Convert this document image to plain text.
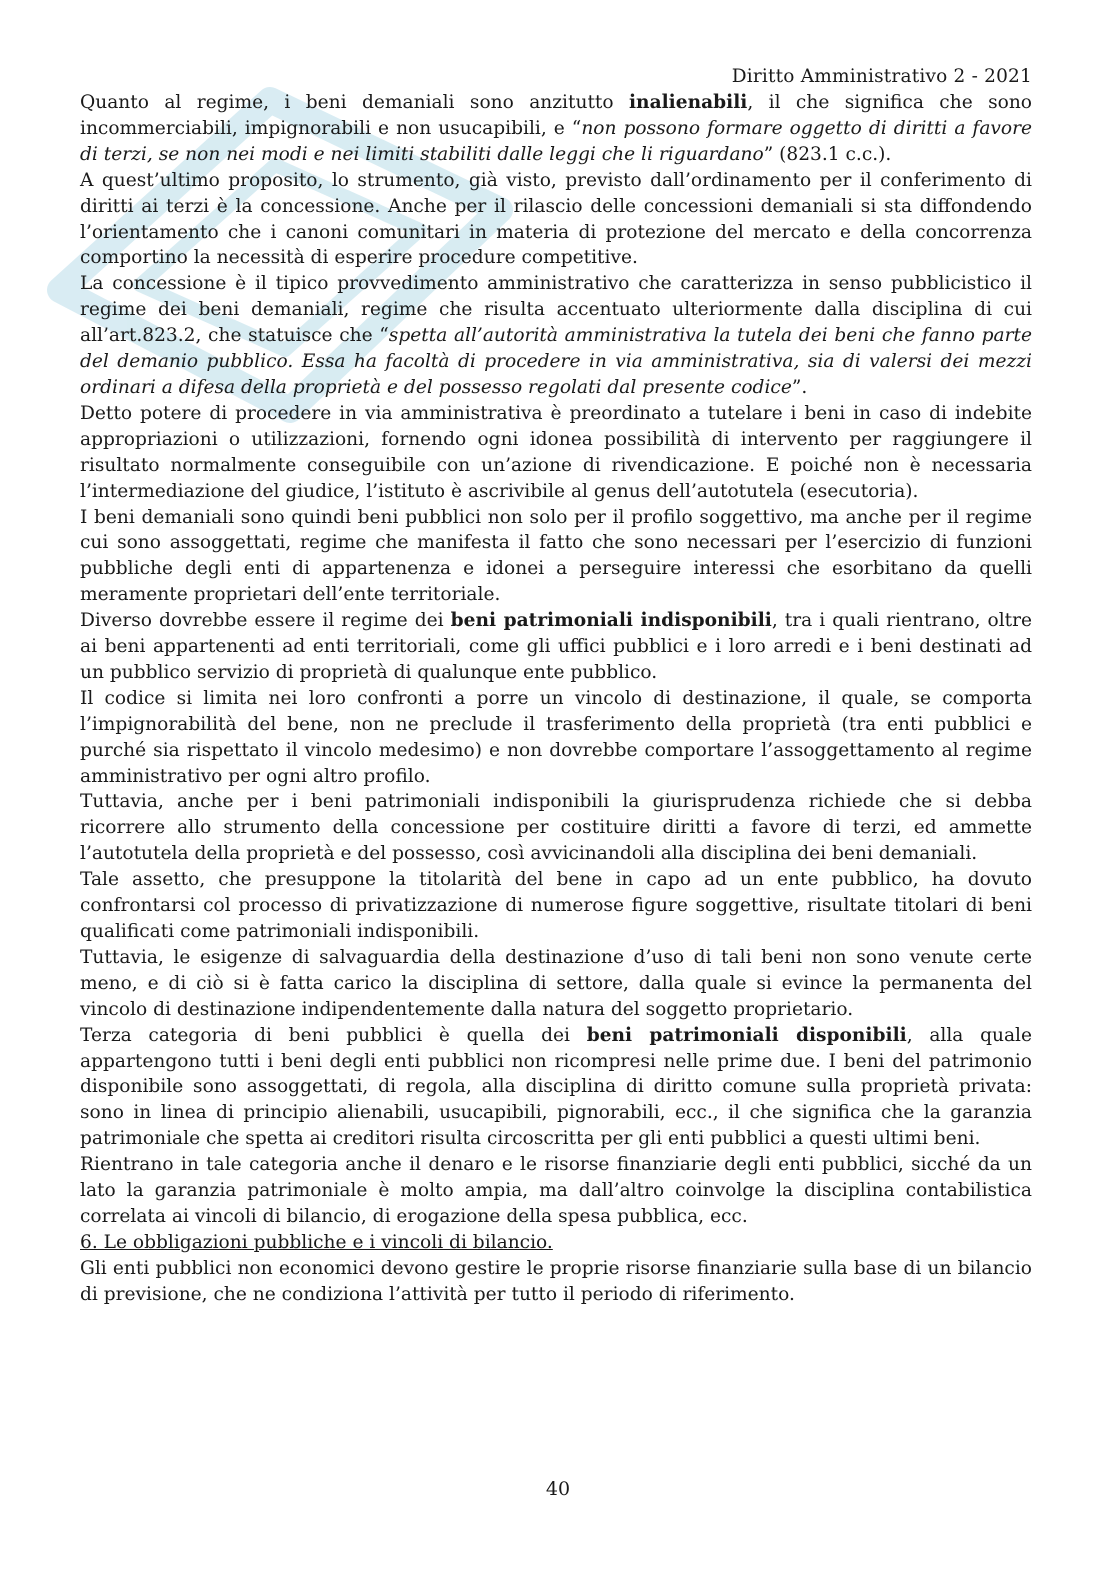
Diritto Amministrativo 2 - 2021

Quanto al regime, i beni demaniali sono anzitutto inalienabili, il che significa che sono incommerciabili, impignorabili e non usucapibili, e “non possono formare oggetto di diritti a favore di terzi, se non nei modi e nei limiti stabiliti dalle leggi che li riguardano” (823.1 c.c.).

A quest’ultimo proposito, lo strumento, già visto, previsto dall’ordinamento per il conferimento di diritti ai terzi è la concessione. Anche per il rilascio delle concessioni demaniali si sta diffondendo l’orientamento che i canoni comunitari in materia di protezione del mercato e della concorrenza comportino la necessità di esperire procedure competitive.

La concessione è il tipico provvedimento amministrativo che caratterizza in senso pubblicistico il regime dei beni demaniali, regime che risulta accentuato ulteriormente dalla disciplina di cui all’art.823.2, che statuisce che “spetta all’autorità amministrativa la tutela dei beni che fanno parte del demanio pubblico. Essa ha facoltà di procedere in via amministrativa, sia di valersi dei mezzi ordinari a difesa della proprietà e del possesso regolati dal presente codice”.

Detto potere di procedere in via amministrativa è preordinato a tutelare i beni in caso di indebite appropriazioni o utilizzazioni, fornendo ogni idonea possibilità di intervento per raggiungere il risultato normalmente conseguibile con un’azione di rivendicazione. E poiché non è necessaria l’intermediazione del giudice, l’istituto è ascrivibile al genus dell’autotutela (esecutoria).

I beni demaniali sono quindi beni pubblici non solo per il profilo soggettivo, ma anche per il regime cui sono assoggettati, regime che manifesta il fatto che sono necessari per l’esercizio di funzioni pubbliche degli enti di appartenenza e idonei a perseguire interessi che esorbitano da quelli meramente proprietari dell’ente territoriale.

Diverso dovrebbe essere il regime dei beni patrimoniali indisponibili, tra i quali rientrano, oltre ai beni appartenenti ad enti territoriali, come gli uffici pubblici e i loro arredi e i beni destinati ad un pubblico servizio di proprietà di qualunque ente pubblico.

Il codice si limita nei loro confronti a porre un vincolo di destinazione, il quale, se comporta l’impignorabilità del bene, non ne preclude il trasferimento della proprietà (tra enti pubblici e purché sia rispettato il vincolo medesimo) e non dovrebbe comportare l’assoggettamento al regime amministrativo per ogni altro profilo.

Tuttavia, anche per i beni patrimoniali indisponibili la giurisprudenza richiede che si debba ricorrere allo strumento della concessione per costituire diritti a favore di terzi, ed ammette l’autotutela della proprietà e del possesso, così avvicinandoli alla disciplina dei beni demaniali.

Tale assetto, che presuppone la titolarità del bene in capo ad un ente pubblico, ha dovuto confrontarsi col processo di privatizzazione di numerose figure soggettive, risultate titolari di beni qualificati come patrimoniali indisponibili.

Tuttavia, le esigenze di salvaguardia della destinazione d’uso di tali beni non sono venute certe meno, e di ciò si è fatta carico la disciplina di settore, dalla quale si evince la permanenta del vincolo di destinazione indipendentemente dalla natura del soggetto proprietario.

Terza categoria di beni pubblici è quella dei beni patrimoniali disponibili, alla quale appartengono tutti i beni degli enti pubblici non ricompresi nelle prime due. I beni del patrimonio disponibile sono assoggettati, di regola, alla disciplina di diritto comune sulla proprietà privata: sono in linea di principio alienabili, usucapibili, pignorabili, ecc., il che significa che la garanzia patrimoniale che spetta ai creditori risulta circoscritta per gli enti pubblici a questi ultimi beni.

Rientrano in tale categoria anche il denaro e le risorse finanziarie degli enti pubblici, sicché da un lato la garanzia patrimoniale è molto ampia, ma dall’altro coinvolge la disciplina contabilistica correlata ai vincoli di bilancio, di erogazione della spesa pubblica, ecc.

6. Le obbligazioni pubbliche e i vincoli di bilancio.

Gli enti pubblici non economici devono gestire le proprie risorse finanziarie sulla base di un bilancio di previsione, che ne condiziona l’attività per tutto il periodo di riferimento.

40
